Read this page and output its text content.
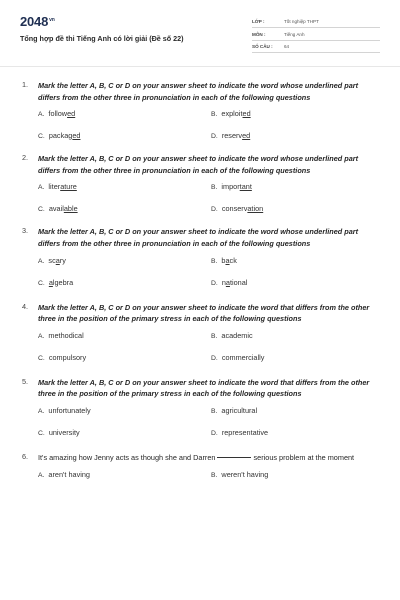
$2048^{vn}$
Tổng hợp đề thi Tiếng Anh có lời giải (Đề số 22)
LỚP :	Tốt nghiệp THPT
MÔN :	Tiếng Anh
SỐ CÂU :	64
1. Mark the letter A, B, C or D on your answer sheet to indicate the word whose underlined part differs from the other three in pronunciation in each of the following questions
A. followed	B. exploited
C. packaged	D. reserved
2. Mark the letter A, B, C or D on your answer sheet to indicate the word whose underlined part differs from the other three in pronunciation in each of the following questions
A. literature	B. important
C. available	D. conservation
3. Mark the letter A, B, C or D on your answer sheet to indicate the word whose underlined part differs from the other three in pronunciation in each of the following questions
A. scary	B. back
C. algebra	D. national
4. Mark the letter A, B, C or D on your answer sheet to indicate the word that differs from the other three in the position of the primary stress in each of the following questions
A. methodical	B. academic
C. compulsory	D. commercially
5. Mark the letter A, B, C or D on your answer sheet to indicate the word that differs from the other three in the position of the primary stress in each of the following questions
A. unfortunately	B. agricultural
C. university	D. representative
6. It's amazing how Jenny acts as though she and Darren	serious problem at the moment
A. aren't having	B. weren't having
